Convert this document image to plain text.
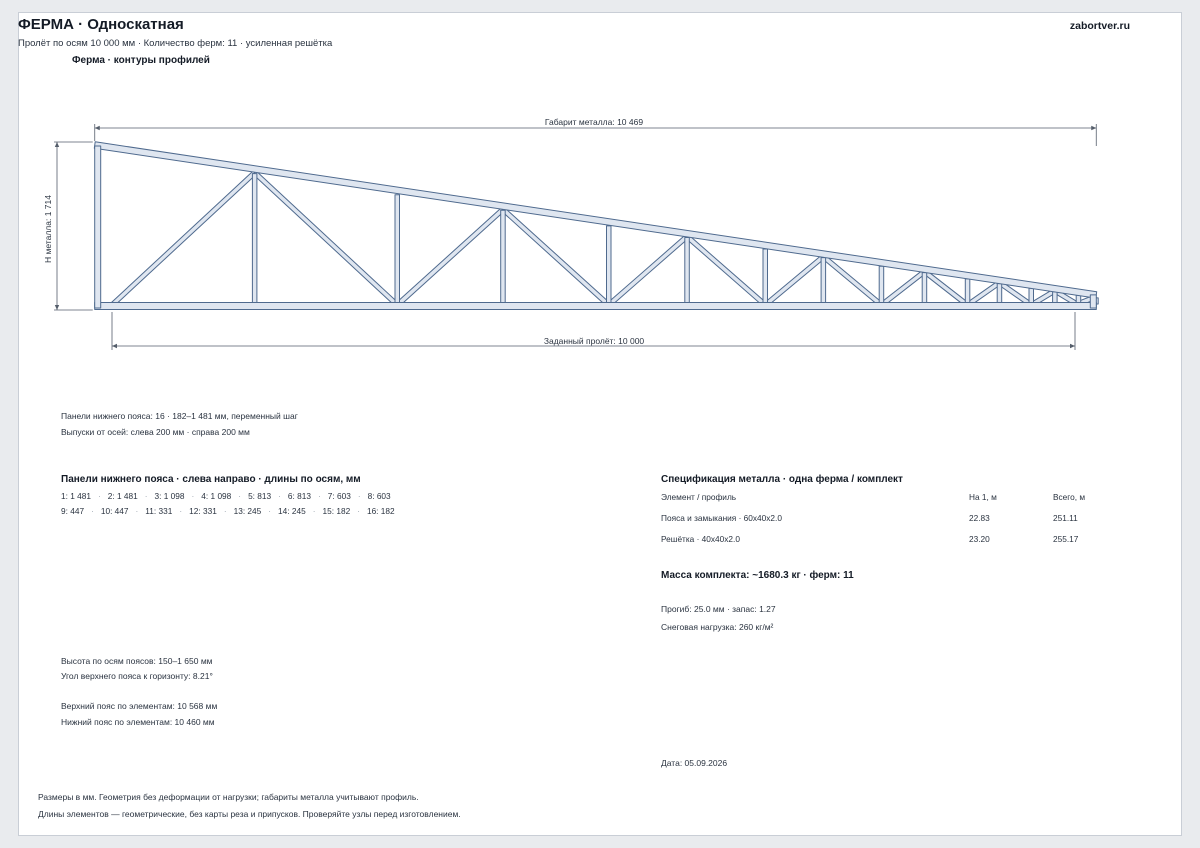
ФЕРМА · Односкатная
Пролёт по осям 10 000 мм · Количество ферм: 11 · усиленная решётка
zabortver.ru
Ферма · контуры профилей
Габарит металла: 10 469
Заданный пролёт: 10 000
H металла: 1 714
Панели нижнего пояса: 16 · 182–1 481 мм, переменный шаг
Выпуски от осей: слева 200 мм · справа 200 мм
Панели нижнего пояса · слева направо · длины по осям, мм
1: 1 481 · 2: 1 481 · 3: 1 098 · 4: 1 098 · 5: 813 · 6: 813 · 7: 603 · 8: 603
9: 447 · 10: 447 · 11: 331 · 12: 331 · 13: 245 · 14: 245 · 15: 182 · 16: 182
Высота по осям поясов: 150–1 650 мм
Угол верхнего пояса к горизонту: 8.21°
Верхний пояс по элементам: 10 568 мм
Нижний пояс по элементам: 10 460 мм
Спецификация металла · одна ферма / комплект
Элемент / профиль	На 1, м	Всего, м
Пояса и замыкания · 60x40x2.0	22.83	251.11
Решётка · 40x40x2.0	23.20	255.17
Масса комплекта: ~1680.3 кг · ферм: 11
Прогиб: 25.0 мм · запас: 1.27
Снеговая нагрузка: 260 кг/м²
Дата: 05.09.2026
Размеры в мм. Геометрия без деформации от нагрузки; габариты металла учитывают профиль.
Длины элементов — геометрические, без карты реза и припусков. Проверяйте узлы перед изготовлением.
